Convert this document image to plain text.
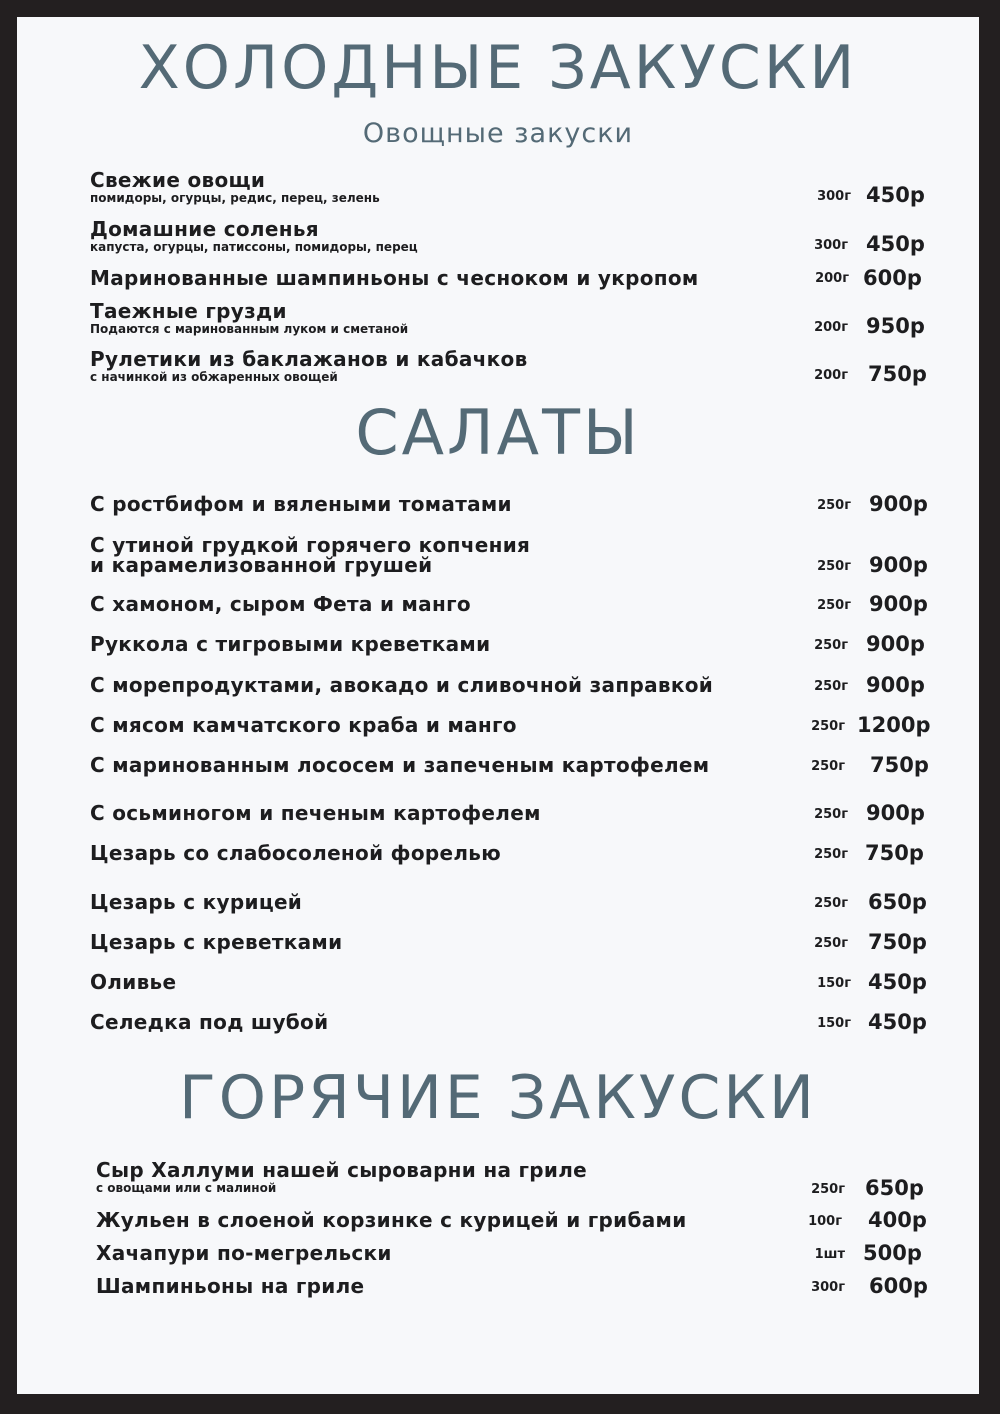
ХОЛОДНЫЕ ЗАКУСКИ
Овощные закуски
Свежие овощи
помидоры, огурцы, редис, перец, зелень	300г 450р
Домашние соленья
капуста, огурцы, патиссоны, помидоры, перец	300г 450р
Маринованные шампиньоны с чесноком и укропом	200г 600р
Таежные грузди
Подаются с маринованным луком и сметаной	200г 950р
Рулетики из баклажанов и кабачков
с начинкой из обжаренных овощей	200г 750р
САЛАТЫ
С ростбифом и вялеными томатами	250г 900р
С утиной грудкой горячего копчения
и карамелизованной грушей	250г 900р
С хамоном, сыром Фета и манго	250г 900р
Руккола с тигровыми креветками	250г 900р
С морепродуктами, авокадо и сливочной заправкой	250г 900р
С мясом камчатского краба и манго	250г 1200р
С маринованным лососем и запеченым картофелем	250г 750р
С осьминогом и печеным картофелем	250г 900р
Цезарь со слабосоленой форелью	250г 750р
Цезарь с курицей	250г 650р
Цезарь с креветками	250г 750р
Оливье	150г 450р
Селедка под шубой	150г 450р
ГОРЯЧИЕ ЗАКУСКИ
Сыр Халлуми нашей сыроварни на гриле
с овощами или с малиной	250г 650р
Жульен в слоеной корзинке с курицей и грибами	100г 400р
Хачапури по-мегрельски	1шт 500р
Шампиньоны на гриле	300г 600р
